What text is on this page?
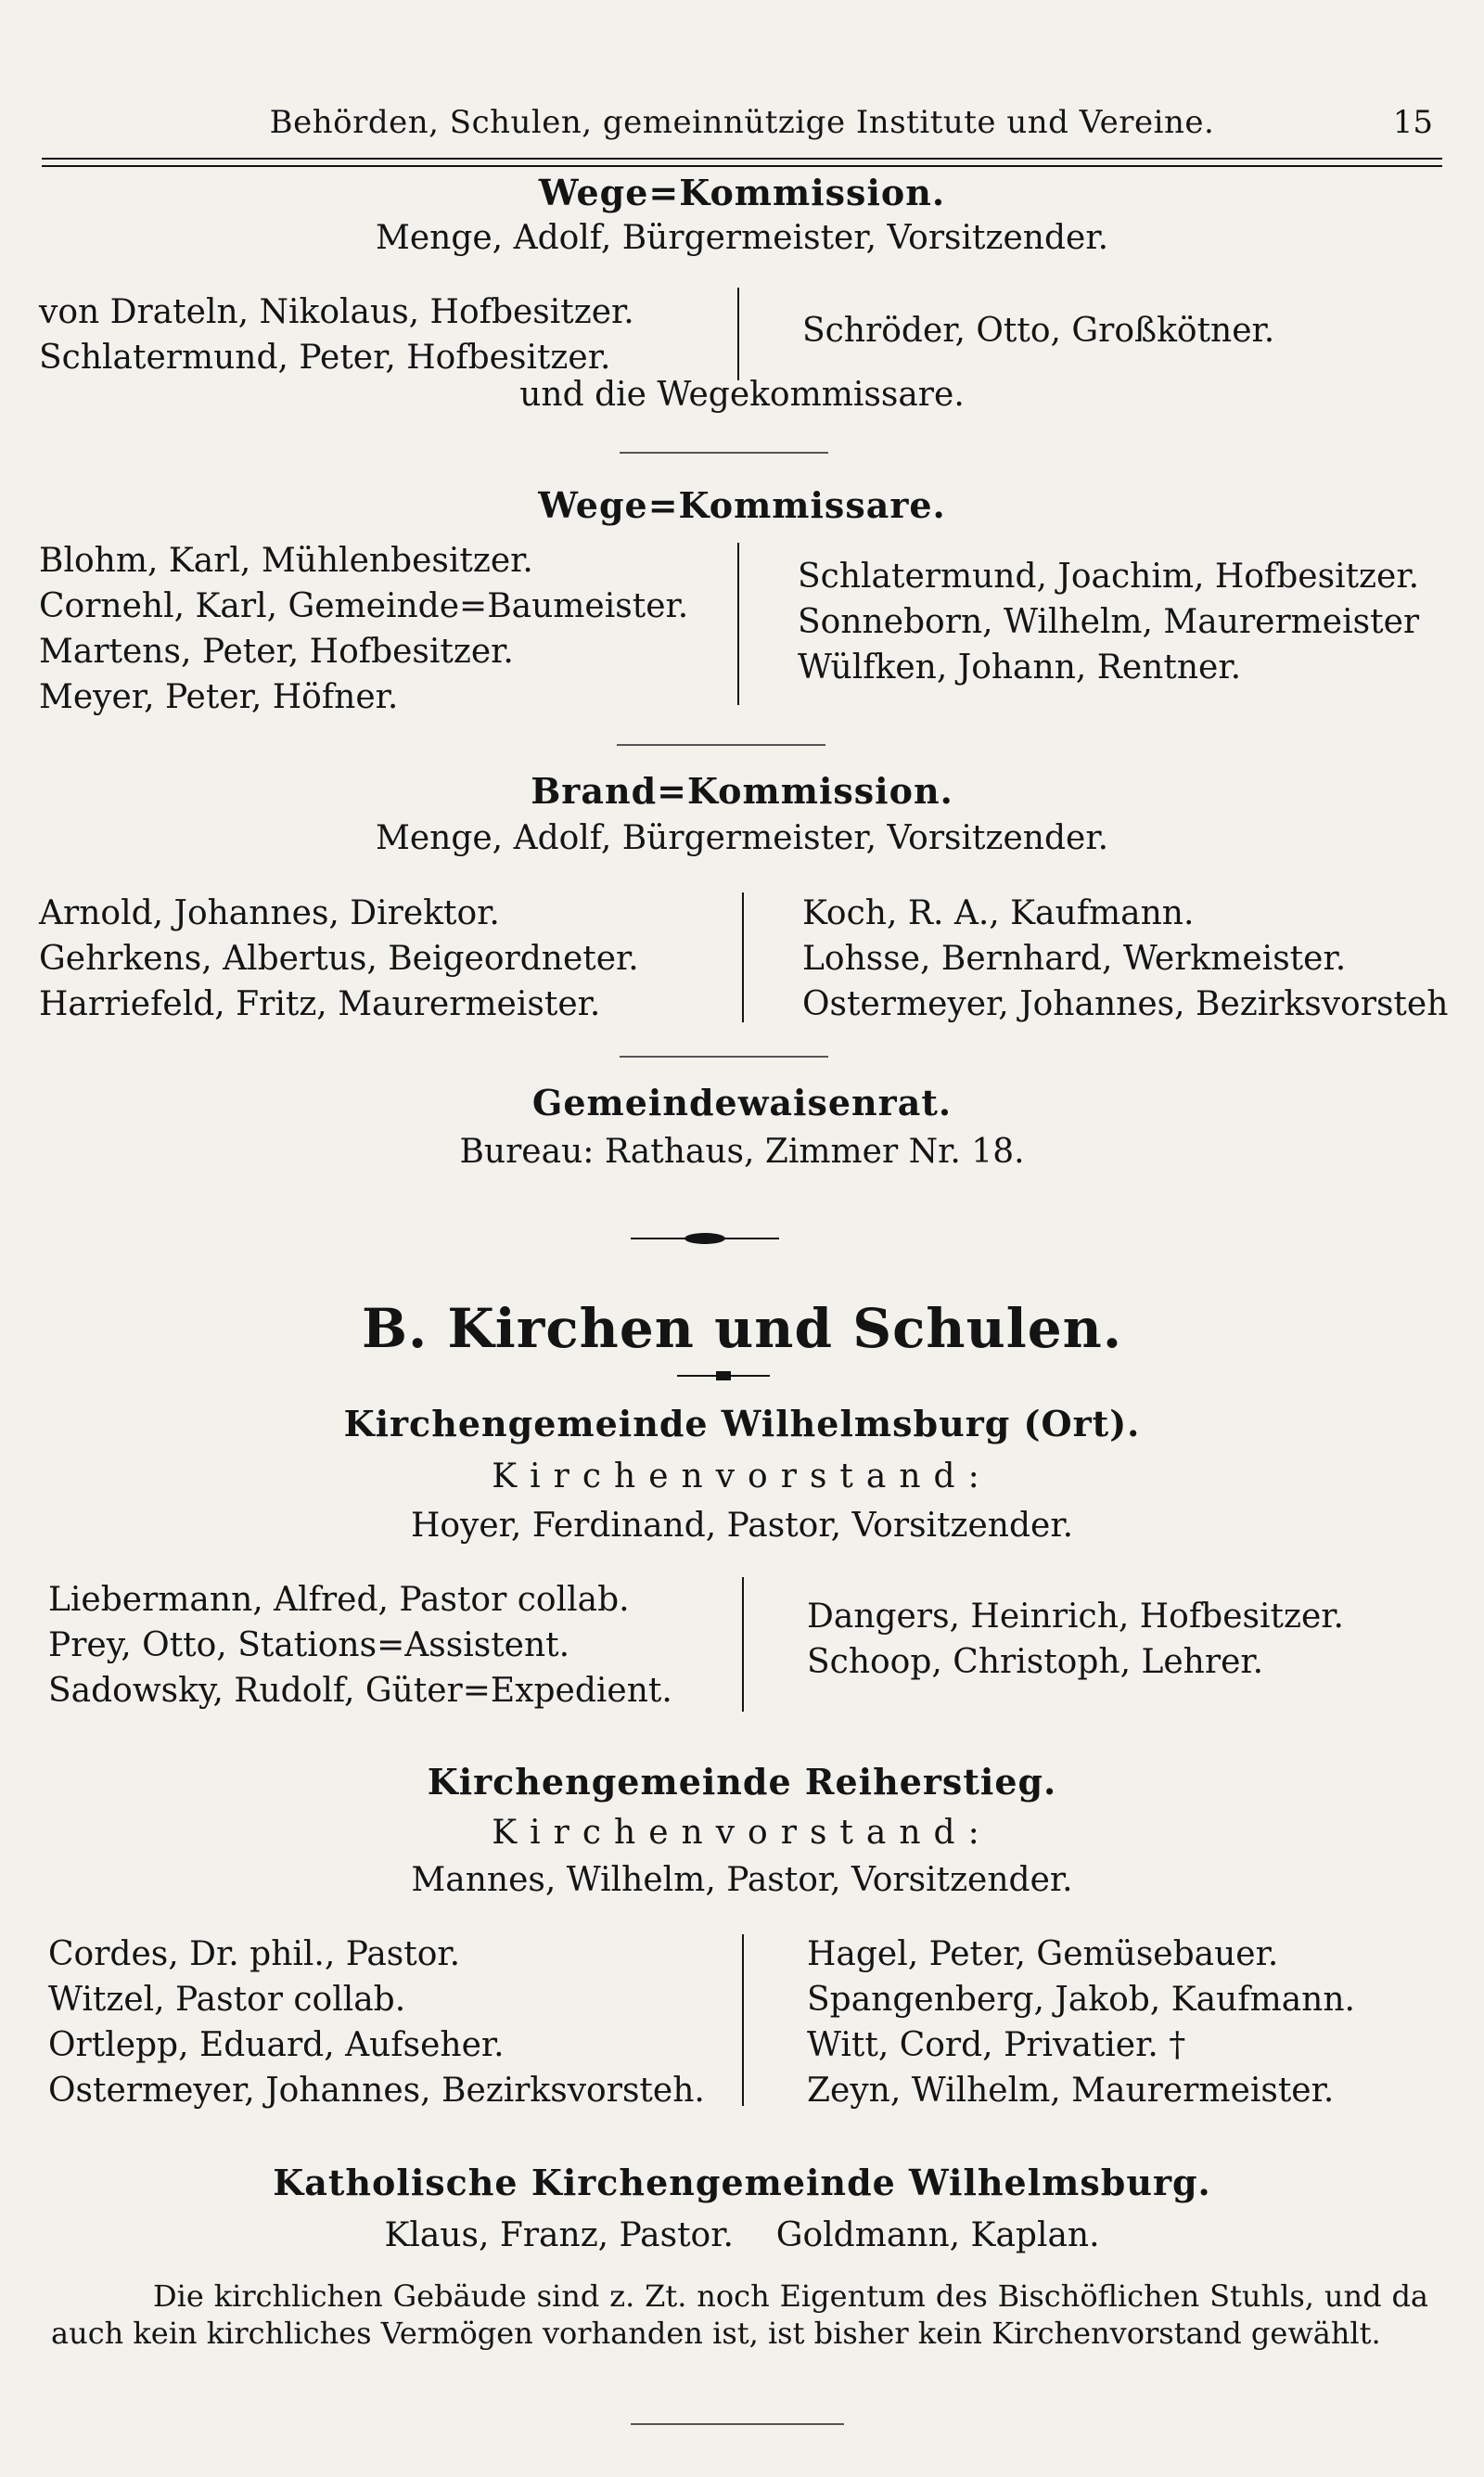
Behörden, Schulen, gemeinnützige Institute und Vereine.	15
Wege=Kommission.
Menge, Adolf, Bürgermeister, Vorsitzender.
von Drateln, Nikolaus, Hofbesitzer.
Schlatermund, Peter, Hofbesitzer.
Schröder, Otto, Großkötner.
und die Wegekommissare.
Wege=Kommissare.
Blohm, Karl, Mühlenbesitzer.
Cornehl, Karl, Gemeinde=Baumeister.
Martens, Peter, Hofbesitzer.
Meyer, Peter, Höfner.
Schlatermund, Joachim, Hofbesitzer.
Sonneborn, Wilhelm, Maurermeister
Wülfken, Johann, Rentner.
Brand=Kommission.
Menge, Adolf, Bürgermeister, Vorsitzender.
Arnold, Johannes, Direktor.
Gehrkens, Albertus, Beigeordneter.
Harriefeld, Fritz, Maurermeister.
Koch, R. A., Kaufmann.
Lohsse, Bernhard, Werkmeister.
Ostermeyer, Johannes, Bezirksvorsteh
Gemeindewaisenrat.
Bureau: Rathaus, Zimmer Nr. 18.
B. Kirchen und Schulen.
Kirchengemeinde Wilhelmsburg (Ort).
Kirchenvorstand:
Hoyer, Ferdinand, Pastor, Vorsitzender.
Liebermann, Alfred, Pastor collab.
Prey, Otto, Stations=Assistent.
Sadowsky, Rudolf, Güter=Expedient.
Dangers, Heinrich, Hofbesitzer.
Schoop, Christoph, Lehrer.
Kirchengemeinde Reiherstieg.
Kirchenvorstand:
Mannes, Wilhelm, Pastor, Vorsitzender.
Cordes, Dr. phil., Pastor.
Witzel, Pastor collab.
Ortlepp, Eduard, Aufseher.
Ostermeyer, Johannes, Bezirksvorsteh.
Hagel, Peter, Gemüsebauer.
Spangenberg, Jakob, Kaufmann.
Witt, Cord, Privatier. †
Zeyn, Wilhelm, Maurermeister.
Katholische Kirchengemeinde Wilhelmsburg.
Klaus, Franz, Pastor.    Goldmann, Kaplan.
Die kirchlichen Gebäude sind z. Zt. noch Eigentum des Bischöflichen Stuhls, und da auch kein kirchliches Vermögen vorhanden ist, ist bisher kein Kirchenvorstand gewählt.
